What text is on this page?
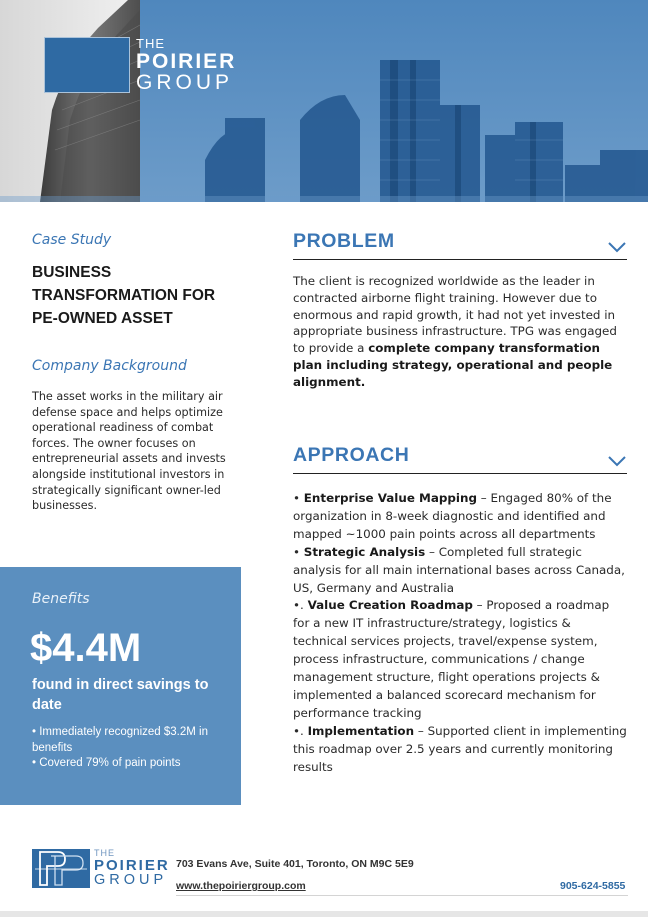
THE
POIRIER
GROUP
Case Study
BUSINESS
TRANSFORMATION FOR
PE-OWNED ASSET
Company Background
The asset works in the military air defense space and helps optimize operational readiness of combat forces. The owner focuses on entrepreneurial assets and invests alongside institutional investors in strategically significant owner-led businesses.
Benefits
$4.4M
found in direct savings to date
• Immediately recognized $3.2M in benefits
• Covered 79% of pain points
PROBLEM
The client is recognized worldwide as the leader in contracted airborne flight training. However due to enormous and rapid growth, it had not yet invested in appropriate business infrastructure. TPG was engaged to provide a complete company transformation plan including strategy, operational and people alignment.
APPROACH
• Enterprise Value Mapping – Engaged 80% of the organization in 8-week diagnostic and identified and mapped ~1000 pain points across all departments
• Strategic Analysis – Completed full strategic analysis for all main international bases across Canada, US, Germany and Australia
•. Value Creation Roadmap – Proposed a roadmap for a new IT infrastructure/strategy, logistics & technical services projects, travel/expense system, process infrastructure, communications / change management structure, flight operations projects & implemented a balanced scorecard mechanism for performance tracking
•. Implementation – Supported client in implementing this roadmap over 2.5 years and currently monitoring results
THE
POIRIER
GROUP
703 Evans Ave, Suite 401, Toronto, ON M9C 5E9
www.thepoiriergroup.com	905-624-5855
